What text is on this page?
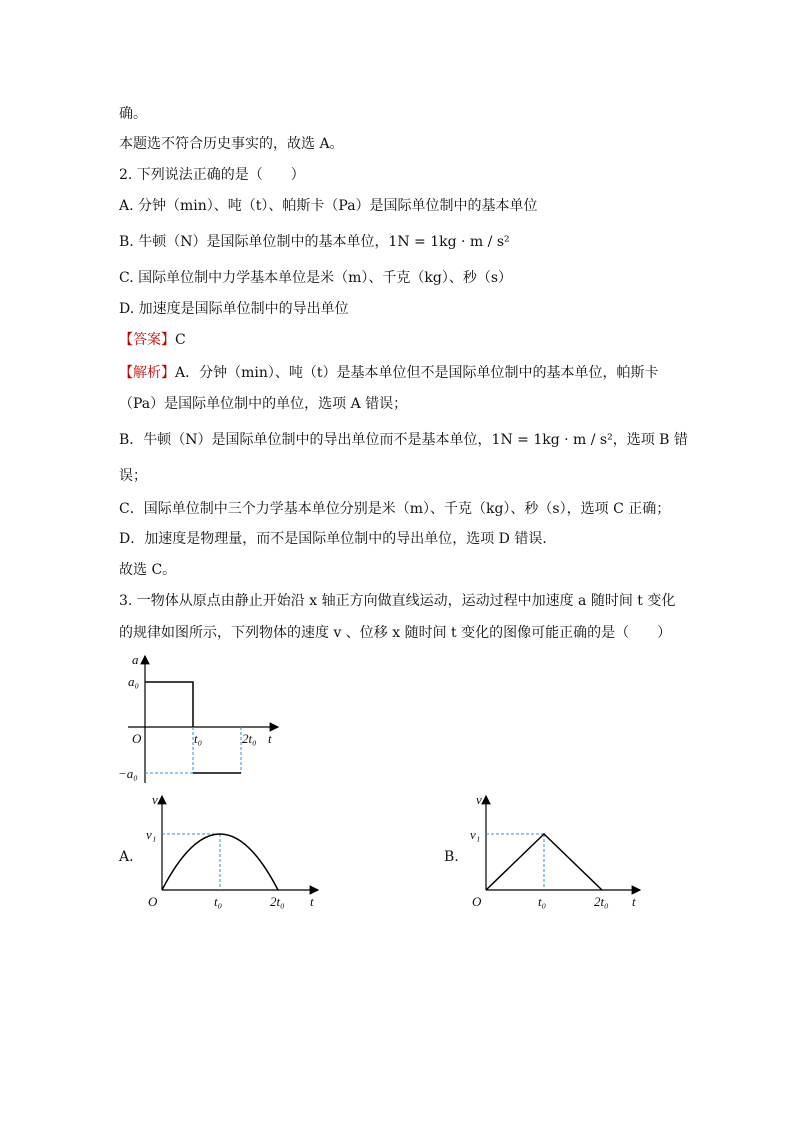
确。
本题选不符合历史事实的，故选 A。
2. 下列说法正确的是（　　）
A. 分钟（min）、吨（t）、帕斯卡（Pa）是国际单位制中的基本单位
B. 牛顿（N）是国际单位制中的基本单位，1N = 1kg · m / s²
C. 国际单位制中力学基本单位是米（m）、千克（kg）、秒（s）
D. 加速度是国际单位制中的导出单位
【答案】C
【解析】A．分钟（min）、吨（t）是基本单位但不是国际单位制中的基本单位，帕斯卡
（Pa）是国际单位制中的单位，选项 A 错误；
B．牛顿（N）是国际单位制中的导出单位而不是基本单位，1N = 1kg · m / s²，选项 B 错
误；
C．国际单位制中三个力学基本单位分别是米（m）、千克（kg）、秒（s），选项 C 正确；
D．加速度是物理量，而不是国际单位制中的导出单位，选项 D 错误．
故选 C。
3. 一物体从原点由静止开始沿 x 轴正方向做直线运动，运动过程中加速度 a 随时间 t 变化
的规律如图所示，下列物体的速度 v 、位移 x 随时间 t 变化的图像可能正确的是（　　）
a
t
O
a₀
−a₀
t₀	2t₀
A.
v
t
O
v₁
t₀	2t₀
B.
v
t
O
v₁
t₀	2t₀
